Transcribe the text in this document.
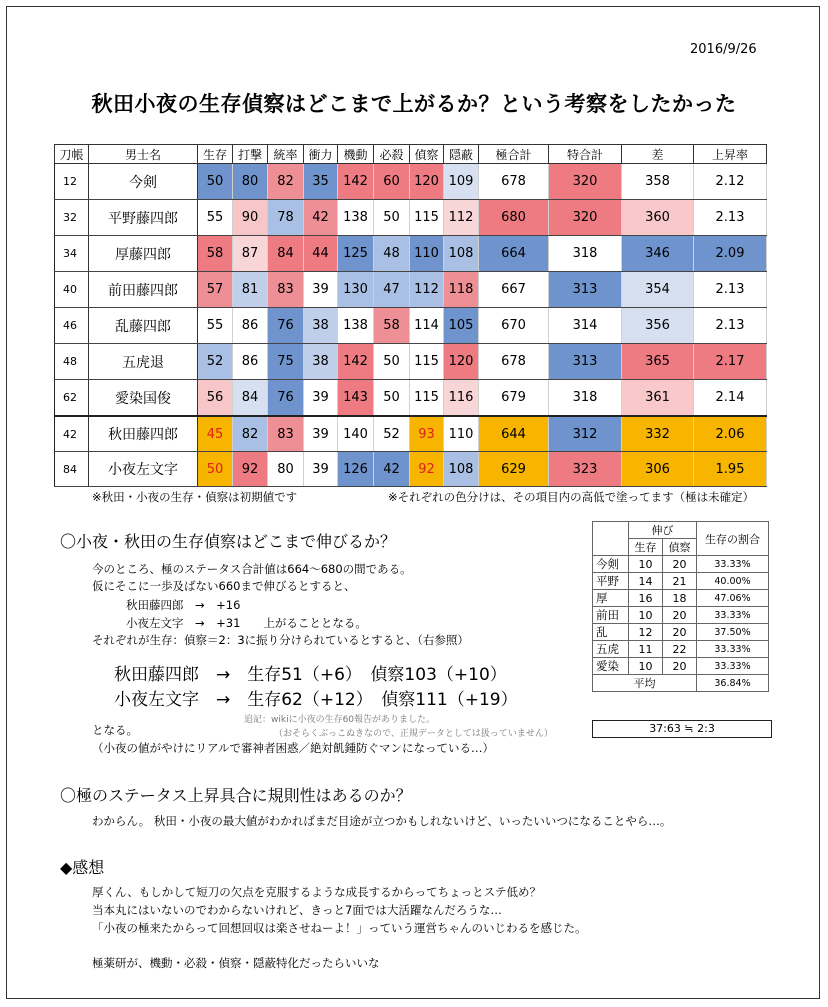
2016/9/26
秋田小夜の生存偵察はどこまで上がるか？という考察をしたかった
刀帳	男士名	生存	打撃	統率	衝力	機動	必殺	偵察	隠蔽	極合計	特合計	差	上昇率
12	今剣	50	80	82	35	142	60	120	109	678	320	358	2.12
32	平野藤四郎	55	90	78	42	138	50	115	112	680	320	360	2.13
34	厚藤四郎	58	87	84	44	125	48	110	108	664	318	346	2.09
40	前田藤四郎	57	81	83	39	130	47	112	118	667	313	354	2.13
46	乱藤四郎	55	86	76	38	138	58	114	105	670	314	356	2.13
48	五虎退	52	86	75	38	142	50	115	120	678	313	365	2.17
62	愛染国俊	56	84	76	39	143	50	115	116	679	318	361	2.14
42	秋田藤四郎	45	82	83	39	140	52	93	110	644	312	332	2.06
84	小夜左文字	50	92	80	39	126	42	92	108	629	323	306	1.95
※秋田・小夜の生存・偵察は初期値です	※それぞれの色分けは、その項目内の高低で塗ってます（極は未確定）
〇小夜・秋田の生存偵察はどこまで伸びるか？
今のところ、極のステータス合計値は664～680の間である。
仮にそこに一歩及ばない660まで伸びるとすると、
秋田藤四郎　→　+16
小夜左文字　→　+31　　上がることとなる。
それぞれが生存：偵察＝2：3に振り分けられているとすると、（右参照）
秋田藤四郎　→　生存51（+6）　偵察103（+10）
小夜左文字　→　生存62（+12）　偵察111（+19）
追記：wikiに小夜の生存60報告がありました。
（おそらくぶっこぬきなので、正規データとしては扱っていません）
となる。
（小夜の値がやけにリアルで審神者困惑／絶対飢鍾防ぐマンになっている…）
	伸び		生存の割合
	生存	偵察	
今剣	10	20	33.33%
平野	14	21	40.00%
厚	16	18	47.06%
前田	10	20	33.33%
乱	12	20	37.50%
五虎	11	22	33.33%
愛染	10	20	33.33%
平均			36.84%
37:63 ≒ 2:3
〇極のステータス上昇具合に規則性はあるのか？
わからん。 秋田・小夜の最大値がわかればまだ目途が立つかもしれないけど、いったいいつになることやら…。
◆感想
厚くん、もしかして短刀の欠点を克服するような成長するからってちょっとステ低め？
当本丸にはいないのでわからないけれど、きっと7面では大活躍なんだろうな…
「小夜の極来たからって回想回収は楽させねーよ！」っていう運営ちゃんのいじわるを感じた。
極薬研が、機動・必殺・偵察・隠蔽特化だったらいいな
